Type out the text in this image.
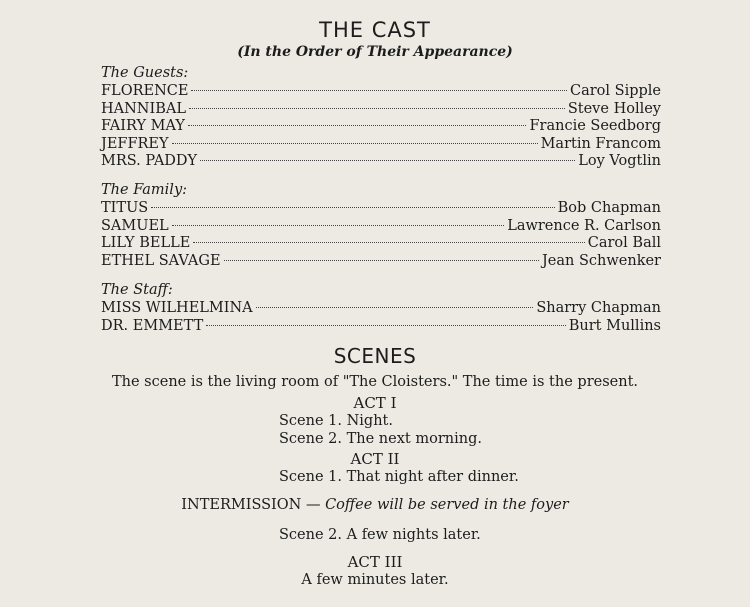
THE CAST
(In the Order of Their Appearance)
The Guests:
FLORENCE	Carol Sipple
HANNIBAL	Steve Holley
FAIRY MAY	Francie Seedborg
JEFFREY	Martin Francom
MRS. PADDY	Loy Vogtlin
The Family:
TITUS	Bob Chapman
SAMUEL	Lawrence R. Carlson
LILY BELLE	Carol Ball
ETHEL SAVAGE	Jean Schwenker
The Staff:
MISS WILHELMINA	Sharry Chapman
DR. EMMETT	Burt Mullins
SCENES
The scene is the living room of "The Cloisters." The time is the present.
ACT I
Scene 1. Night.
Scene 2. The next morning.
ACT II
Scene 1. That night after dinner.
INTERMISSION — Coffee will be served in the foyer
Scene 2. A few nights later.
ACT III
A few minutes later.
